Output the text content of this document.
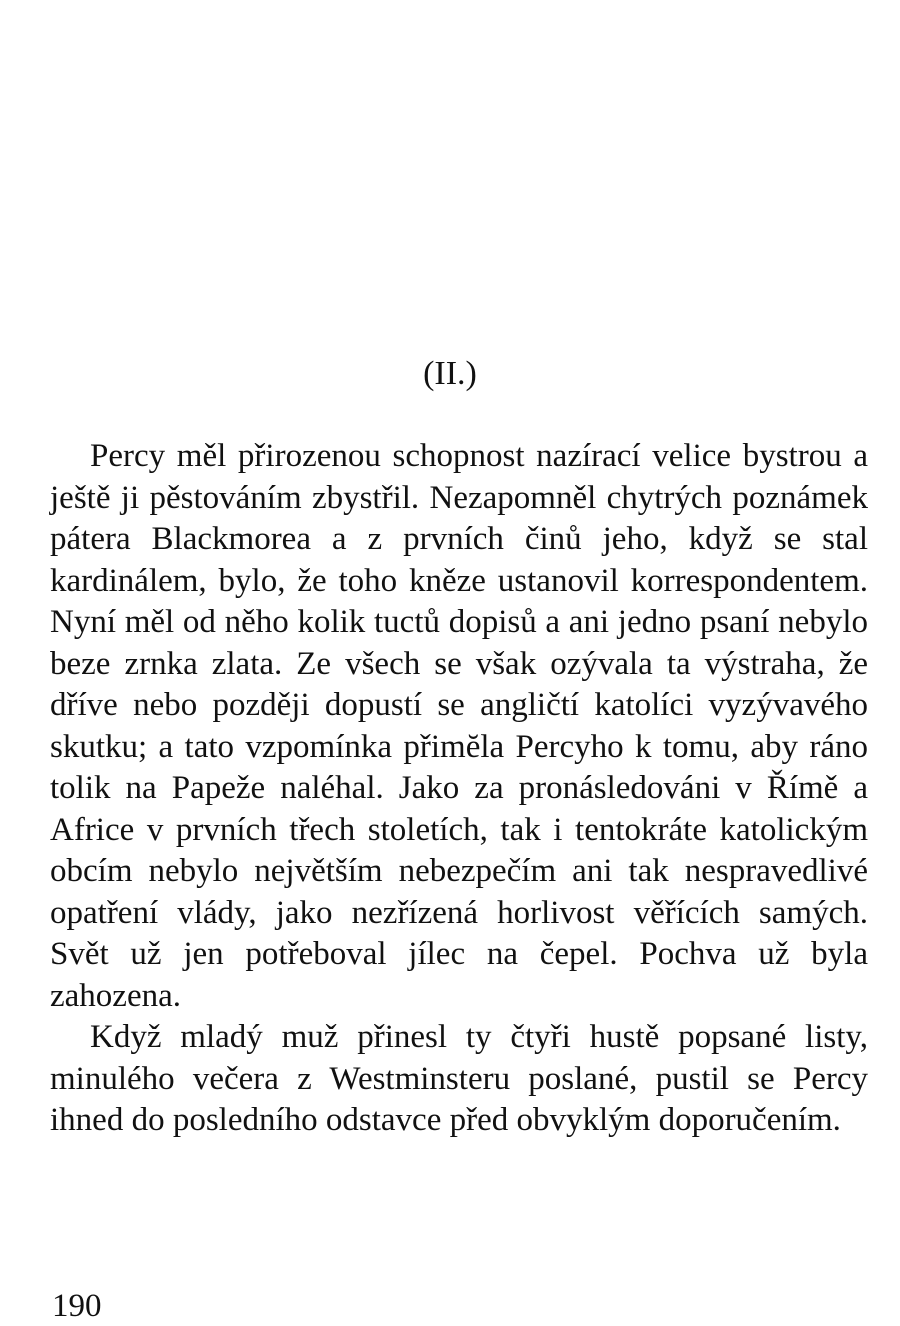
(II.)

Percy měl přirozenou schopnost nazírací velice bystrou a ještě ji pěstováním zbystřil. Nezapomněl chytrých poznámek pátera Blackmorea a z prvních činů jeho, když se stal kardinálem, bylo, že toho kněze ustanovil korrespondentem. Nyní měl od něho kolik tuctů dopisů a ani jedno psaní nebylo beze zrnka zlata. Ze všech se však ozývala ta výstraha, že dříve nebo později dopustí se angličtí katolíci vyzývavého skutku; a tato vzpomínka přimĕla Percyho k tomu, aby ráno tolik na Papeže naléhal. Jako za pronásledováni v Římě a Africe v prvních třech stoletích, tak i tentokráte katolickým obcím nebylo největším nebezpečím ani tak nespravedlivé opatření vlády, jako nezřízená horlivost věřících samých. Svět už jen potřeboval jílec na čepel. Pochva už byla zahozena.

Když mladý muž přinesl ty čtyři hustě popsané listy, minulého večera z Westminsteru poslané, pustil se Percy ihned do posledního odstavce před obvyklým doporučením.

190
